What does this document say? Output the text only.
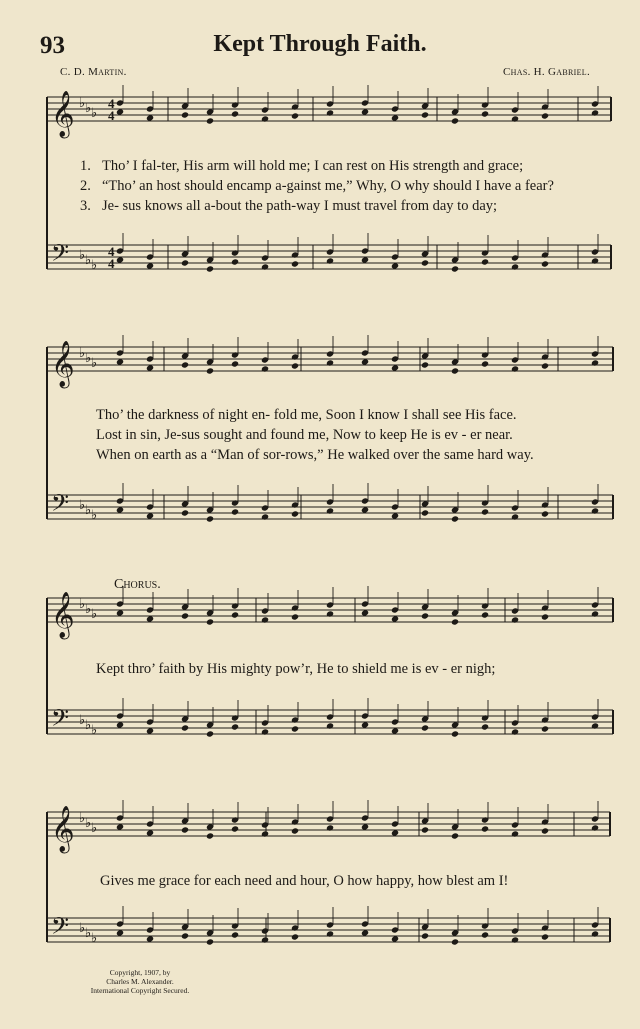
𝄞
𝄢
♭
♭
♭
♭
♭
♭
4
4
4
4
𝄞
𝄢
♭
♭
♭
♭
♭
♭
𝄞
𝄢
♭
♭
♭
♭
♭
♭
𝄞
𝄢
♭
♭
♭
♭
♭
♭
93	Kept Through Faith.
C. D. Martin.	Chas. H. Gabriel.
1. Tho’ I fal-ter, His arm will hold me; I can rest on His strength and grace;
2. “Tho’ an host should encamp a-gainst me,” Why, O why should I have a fear?
3. Je- sus knows all a-bout the path-way I must travel from day to day;
Tho’ the darkness of night en- fold me, Soon I know I shall see His face.
Lost in sin, Je-sus sought and found me, Now to keep He is ev - er near.
When on earth as a “Man of sor-rows,” He walked over the same hard way.
Chorus.
Kept thro’ faith by His mighty pow’r, He to shield me is ev - er nigh;
Gives me grace for each need and hour, O how happy, how blest am I!
Copyright, 1907, by
Charles M. Alexander.
International Copyright Secured.
